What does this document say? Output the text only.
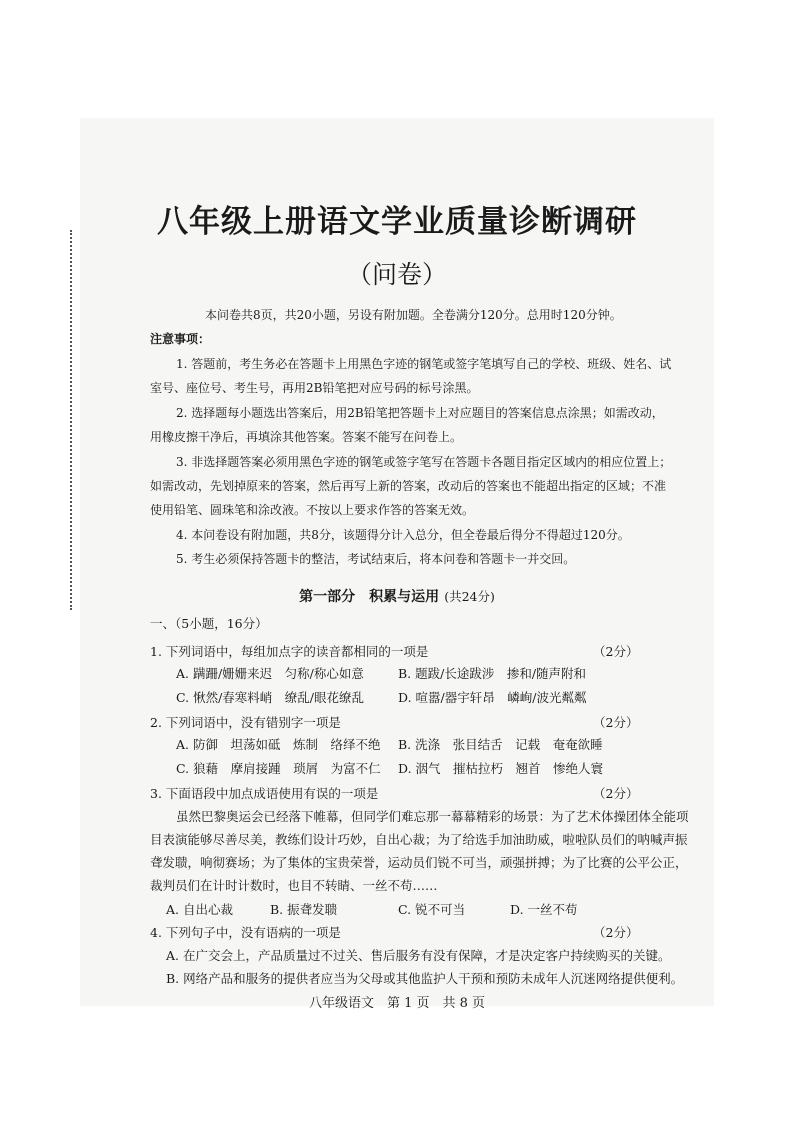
八年级上册语文学业质量诊断调研
（问卷）
本问卷共8页，共20小题，另设有附加题。全卷满分120分。总用时120分钟。
注意事项：
1. 答题前，考生务必在答题卡上用黑色字迹的钢笔或签字笔填写自己的学校、班级、姓名、试
室号、座位号、考生号，再用2B铅笔把对应号码的标号涂黑。
2. 选择题每小题选出答案后，用2B铅笔把答题卡上对应题目的答案信息点涂黑；如需改动，
用橡皮擦干净后，再填涂其他答案。答案不能写在问卷上。
3. 非选择题答案必须用黑色字迹的钢笔或签字笔写在答题卡各题目指定区域内的相应位置上；
如需改动，先划掉原来的答案，然后再写上新的答案，改动后的答案也不能超出指定的区域；不准
使用铅笔、圆珠笔和涂改液。不按以上要求作答的答案无效。
4. 本问卷设有附加题，共8分，该题得分计入总分，但全卷最后得分不得超过120分。
5. 考生必须保持答题卡的整洁，考试结束后，将本问卷和答题卡一并交回。
第一部分　积累与运用 (共24分)
一、（5小题，16分）
1. 下列词语中，每组加点字的读音都相同的一项是	（2分）
A. 蹒跚/姗姗来迟　匀称/称心如意	B. 题跋/长途跋涉　掺和/随声附和
C. 愀然/春寒料峭　缭乱/眼花缭乱	D. 喧嚣/器宇轩昂　嶙峋/波光粼粼
2. 下列词语中，没有错别字一项是	（2分）
A. 防御　坦荡如砥　炼制　络绎不绝 B. 洗涤　张目结舌　记载　奄奄欲睡
C. 狼藉　摩肩接踵　琐屑　为富不仁 D. 洇气　摧枯拉朽　翘首　惨绝人寰
3. 下面语段中加点成语使用有误的一项是	（2分）
虽然巴黎奥运会已经落下帷幕，但同学们难忘那一幕幕精彩的场景：为了艺术体操团体全能项
目表演能够尽善尽美，教练们设计巧妙，自出心裁；为了给选手加油助威，啦啦队员们的呐喊声振
聋发聩，响彻赛场；为了集体的宝贵荣誉，运动员们锐不可当，顽强拼搏；为了比赛的公平公正，
裁判员们在计时计数时，也目不转睛、一丝不苟……
A. 自出心裁	B. 振聋发聩	C. 锐不可当	D. 一丝不苟
4. 下列句子中，没有语病的一项是	（2分）
A. 在广交会上，产品质量过不过关、售后服务有没有保障，才是决定客户持续购买的关键。
B. 网络产品和服务的提供者应当为父母或其他监护人干预和预防未成年人沉迷网络提供便利。
八年级语文　第 1 页　共 8 页
